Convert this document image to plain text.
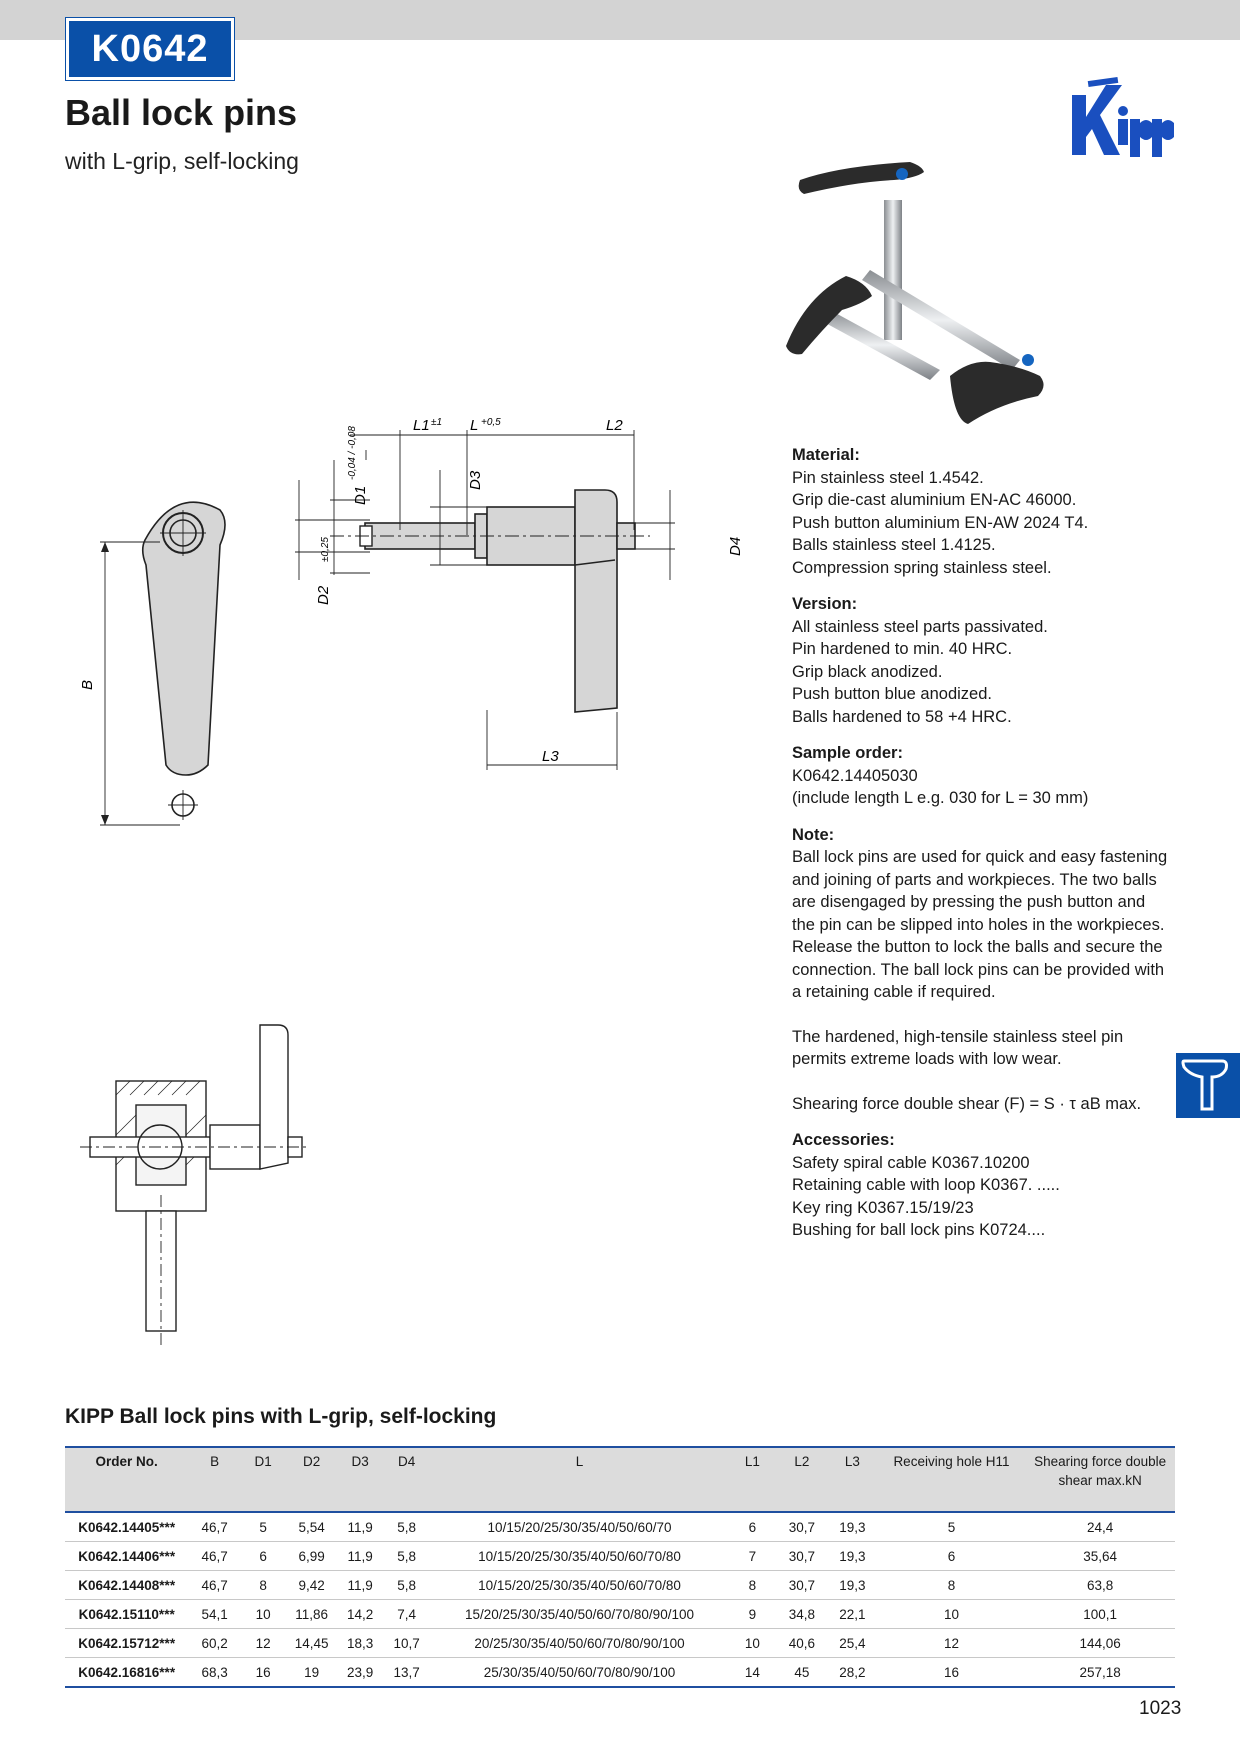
K0642
Ball lock pins
with L-grip, self-locking
B
L1 ±1 L +0,5	L2
D2
±0,25
D1
-0,04 / -0,08
D3
D4
L3
Material:

Pin stainless steel 1.4542.

Grip die-cast aluminium EN-AC 46000.

Push button aluminium EN-AW 2024 T4.

Balls stainless steel 1.4125.

Compression spring stainless steel.

Version:

All stainless steel parts passivated.

Pin hardened to min. 40 HRC.

Grip black anodized.

Push button blue anodized.

Balls hardened to 58 +4 HRC.

Sample order:

K0642.14405030

(include length L e.g. 030 for L = 30 mm)

Note:

Ball lock pins are used for quick and easy fastening and joining of parts and workpieces. The two balls are disengaged by pressing the push button and the pin can be slipped into holes in the workpieces. Release the button to lock the balls and secure the connection. The ball lock pins can be provided with a retaining cable if required.

The hardened, high-tensile stainless steel pin permits extreme loads with low wear.

Shearing force double shear (F) = S · τ aB max.

Accessories:

Safety spiral cable K0367.10200

Retaining cable with loop K0367. .....

Key ring K0367.15/19/23

Bushing for ball lock pins K0724....

KIPP Ball lock pins with L-grip, self-locking
Order No.	B	D1	D2	D3	D4	L	L1	L2	L3	Receiving hole H11	Shearing force double shear max.kN
K0642.14405***	46,7	5	5,54	11,9	5,8	10/15/20/25/30/35/40/50/60/70	6	30,7	19,3	5	24,4
K0642.14406***	46,7	6	6,99	11,9	5,8	10/15/20/25/30/35/40/50/60/70/80	7	30,7	19,3	6	35,64
K0642.14408***	46,7	8	9,42	11,9	5,8	10/15/20/25/30/35/40/50/60/70/80	8	30,7	19,3	8	63,8
K0642.15110***	54,1	10	11,86	14,2	7,4	15/20/25/30/35/40/50/60/70/80/90/100	9	34,8	22,1	10	100,1
K0642.15712***	60,2	12	14,45	18,3	10,7	20/25/30/35/40/50/60/70/80/90/100	10	40,6	25,4	12	144,06
K0642.16816***	68,3	16	19	23,9	13,7	25/30/35/40/50/60/70/80/90/100	14	45	28,2	16	257,18
1023
